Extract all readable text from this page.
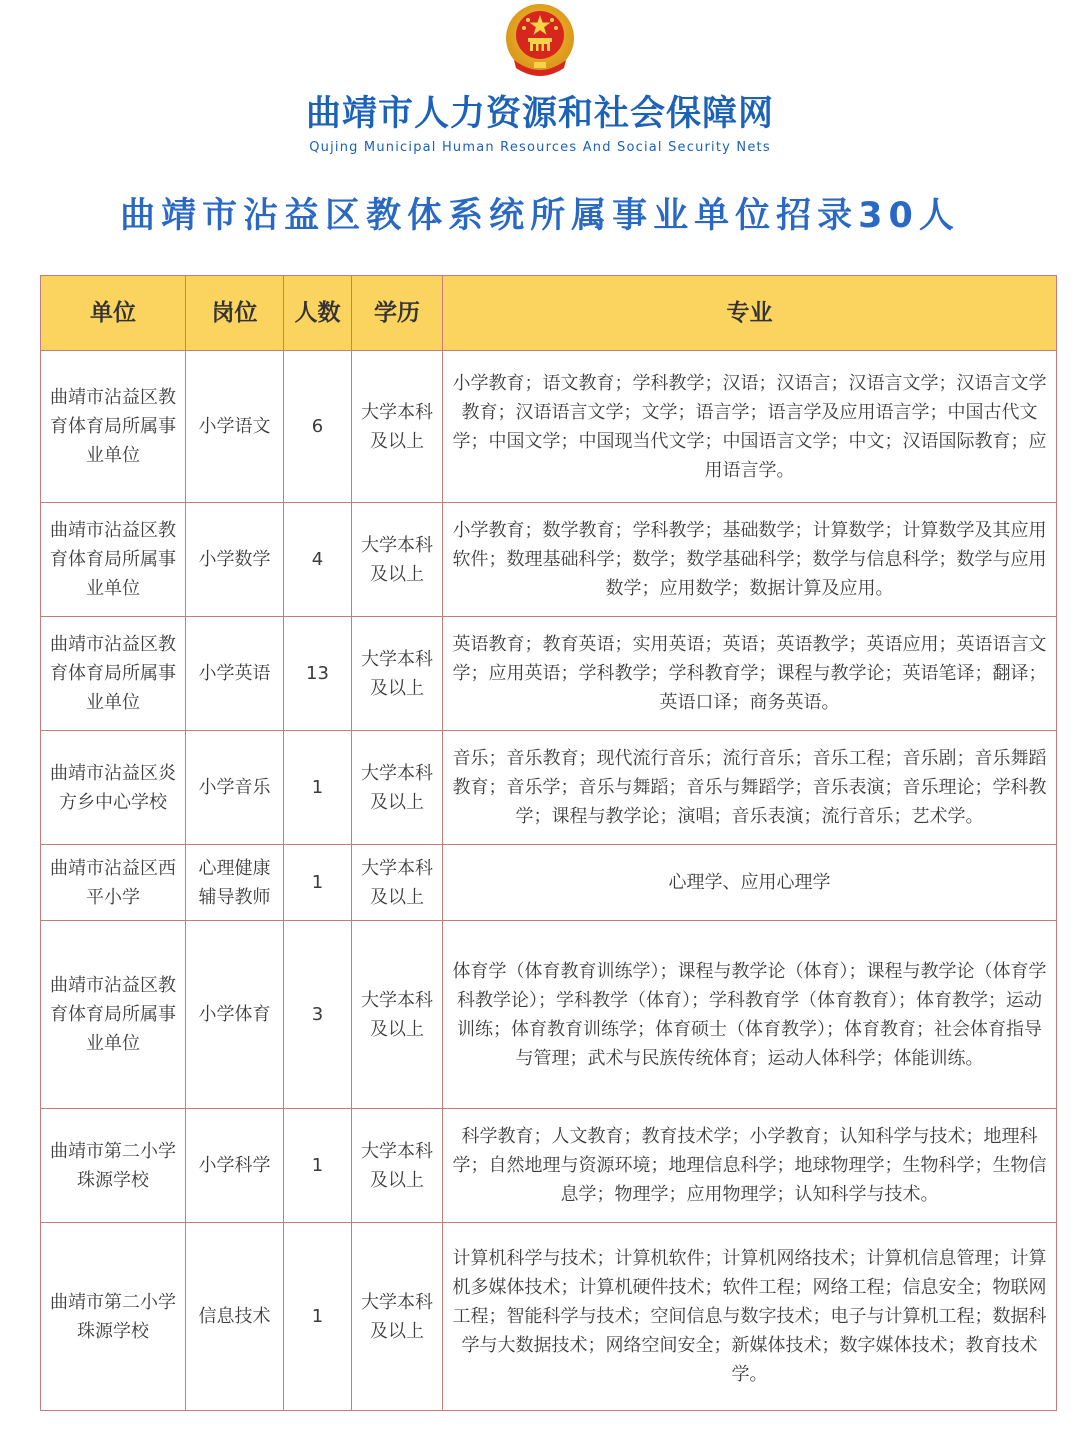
曲靖市人力资源和社会保障网
Qujing Municipal Human Resources And Social Security Nets
曲靖市沾益区教体系统所属事业单位招录30人
单位	岗位	人数	学历	专业
曲靖市沾益区教育体育局所属事业单位	小学语文	6	大学本科及以上	小学教育；语文教育；学科教学；汉语；汉语言；汉语言文学；汉语言文学教育；汉语语言文学；文学；语言学；语言学及应用语言学；中国古代文学；中国文学；中国现当代文学；中国语言文学；中文；汉语国际教育；应用语言学。
曲靖市沾益区教育体育局所属事业单位	小学数学	4	大学本科及以上	小学教育；数学教育；学科教学；基础数学；计算数学；计算数学及其应用软件；数理基础科学；数学；数学基础科学；数学与信息科学；数学与应用数学；应用数学；数据计算及应用。
曲靖市沾益区教育体育局所属事业单位	小学英语	13	大学本科及以上	英语教育；教育英语；实用英语；英语；英语教学；英语应用；英语语言文学；应用英语；学科教学；学科教育学；课程与教学论；英语笔译；翻译；英语口译；商务英语。
曲靖市沾益区炎方乡中心学校	小学音乐	1	大学本科及以上	音乐；音乐教育；现代流行音乐；流行音乐；音乐工程；音乐剧；音乐舞蹈教育；音乐学；音乐与舞蹈；音乐与舞蹈学；音乐表演；音乐理论；学科教学；课程与教学论；演唱；音乐表演；流行音乐；艺术学。
曲靖市沾益区西平小学	心理健康辅导教师	1	大学本科及以上	心理学、应用心理学
曲靖市沾益区教育体育局所属事业单位	小学体育	3	大学本科及以上	体育学（体育教育训练学）；课程与教学论（体育）；课程与教学论（体育学科教学论）；学科教学（体育）；学科教育学（体育教育）；体育教学；运动训练；体育教育训练学；体育硕士（体育教学）；体育教育；社会体育指导与管理；武术与民族传统体育；运动人体科学；体能训练。
曲靖市第二小学珠源学校	小学科学	1	大学本科及以上	科学教育；人文教育；教育技术学；小学教育；认知科学与技术；地理科学；自然地理与资源环境；地理信息科学；地球物理学；生物科学；生物信息学；物理学；应用物理学；认知科学与技术。
曲靖市第二小学珠源学校	信息技术	1	大学本科及以上	计算机科学与技术；计算机软件；计算机网络技术；计算机信息管理；计算机多媒体技术；计算机硬件技术；软件工程；网络工程；信息安全；物联网工程；智能科学与技术；空间信息与数字技术；电子与计算机工程；数据科学与大数据技术；网络空间安全；新媒体技术；数字媒体技术；教育技术学。
